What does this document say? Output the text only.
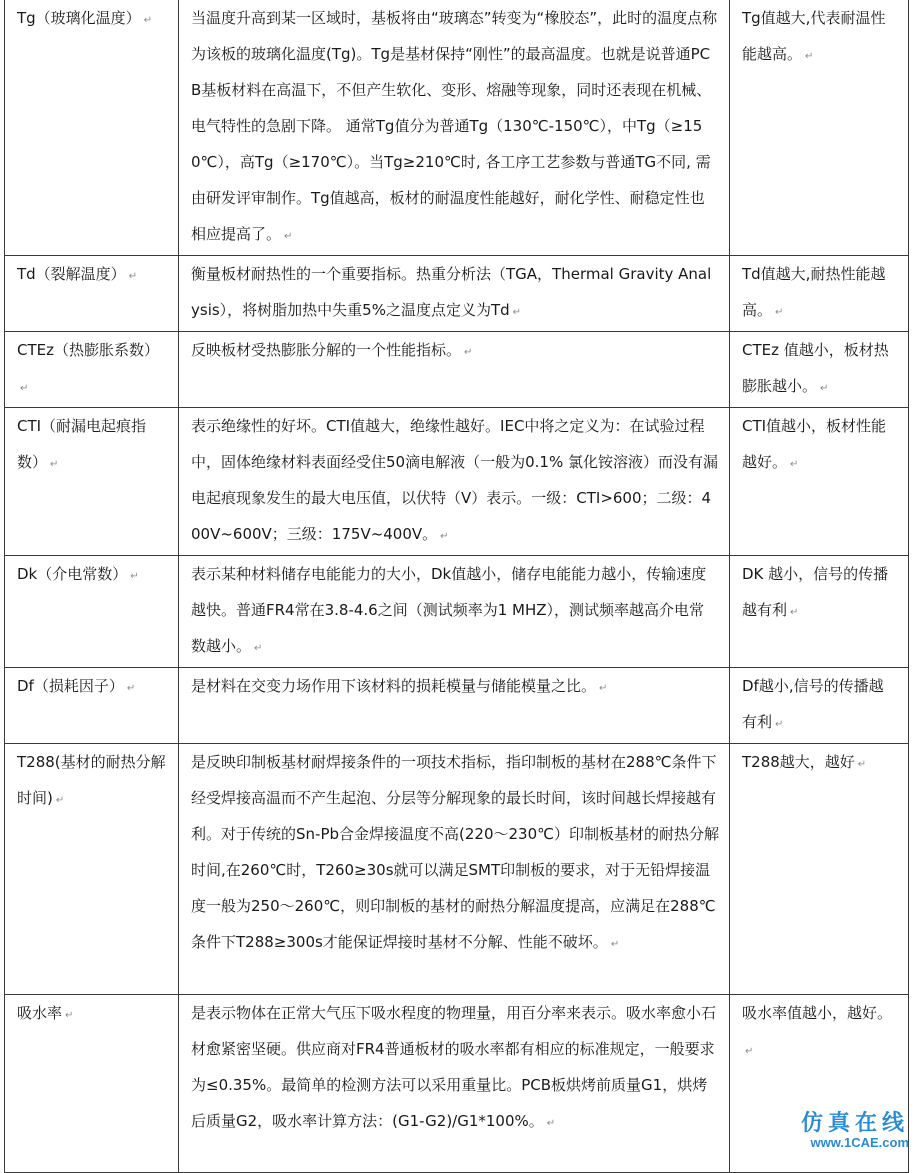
Tg（玻璃化温度） ↵	当温度升高到某一区域时，基板将由“玻璃态”转变为“橡胶态”，此时的温度点称为该板的玻璃化温度(Tg)。Tg是基材保持“刚性”的最高温度。也就是说普通PCB基板材料在高温下，不但产生软化、变形、熔融等现象，同时还表现在机械、电气特性的急剧下降。 通常Tg值分为普通Tg（130℃-150℃），中Tg（≥150℃），高Tg（≥170℃）。当Tg≥210℃时, 各工序工艺参数与普通TG不同, 需由研发评审制作。Tg值越高，板材的耐温度性能越好，耐化学性、耐稳定性也相应提高了。 ↵	Tg值越大,代表耐温性能越高。 ↵
Td（裂解温度） ↵	衡量板材耐热性的一个重要指标。热重分析法（TGA，Thermal Gravity Analysis），将树脂加热中失重5%之温度点定义为Td ↵	Td值越大,耐热性能越高。 ↵
CTEz（热膨胀系数）↵	反映板材受热膨胀分解的一个性能指标。 ↵	CTEz 值越小，板材热膨胀越小。 ↵
CTI（耐漏电起痕指数） ↵	表示绝缘性的好坏。CTI值越大，绝缘性越好。IEC中将之定义为：在试验过程中，固体绝缘材料表面经受住50滴电解液（一般为0.1% 氯化铵溶液）而没有漏电起痕现象发生的最大电压值，以伏特（V）表示。一级：CTI>600；二级：400V~600V；三级：175V~400V。 ↵	CTI值越小，板材性能越好。 ↵
Dk（介电常数） ↵	表示某种材料储存电能能力的大小，Dk值越小，储存电能能力越小，传输速度越快。普通FR4常在3.8-4.6之间（测试频率为1 MHZ），测试频率越高介电常数越小。 ↵	DK 越小，信号的传播越有利 ↵
Df（损耗因子） ↵	是材料在交变力场作用下该材料的损耗模量与储能模量之比。 ↵	Df越小,信号的传播越有利 ↵
T288(基材的耐热分解时间) ↵	是反映印制板基材耐焊接条件的一项技术指标，指印制板的基材在288℃条件下经受焊接高温而不产生起泡、分层等分解现象的最长时间，该时间越长焊接越有利。对于传统的Sn-Pb合金焊接温度不高(220～230℃）印制板基材的耐热分解时间,在260℃时，T260≥30s就可以满足SMT印制板的要求，对于无铅焊接温度一般为250～260℃，则印制板的基材的耐热分解温度提高，应满足在288℃条件下T288≥300s才能保证焊接时基材不分解、性能不破坏。 ↵	T288越大，越好 ↵
吸水率 ↵	是表示物体在正常大气压下吸水程度的物理量，用百分率来表示。吸水率愈小石材愈紧密坚硬。供应商对FR4普通板材的吸水率都有相应的标准规定，一般要求为≤0.35%。最简单的检测方法可以采用重量比。PCB板烘烤前质量G1，烘烤后质量G2，吸水率计算方法：(G1-G2)/G1*100%。 ↵	吸水率值越小，越好。↵
仿真在线
www.1CAE.com
